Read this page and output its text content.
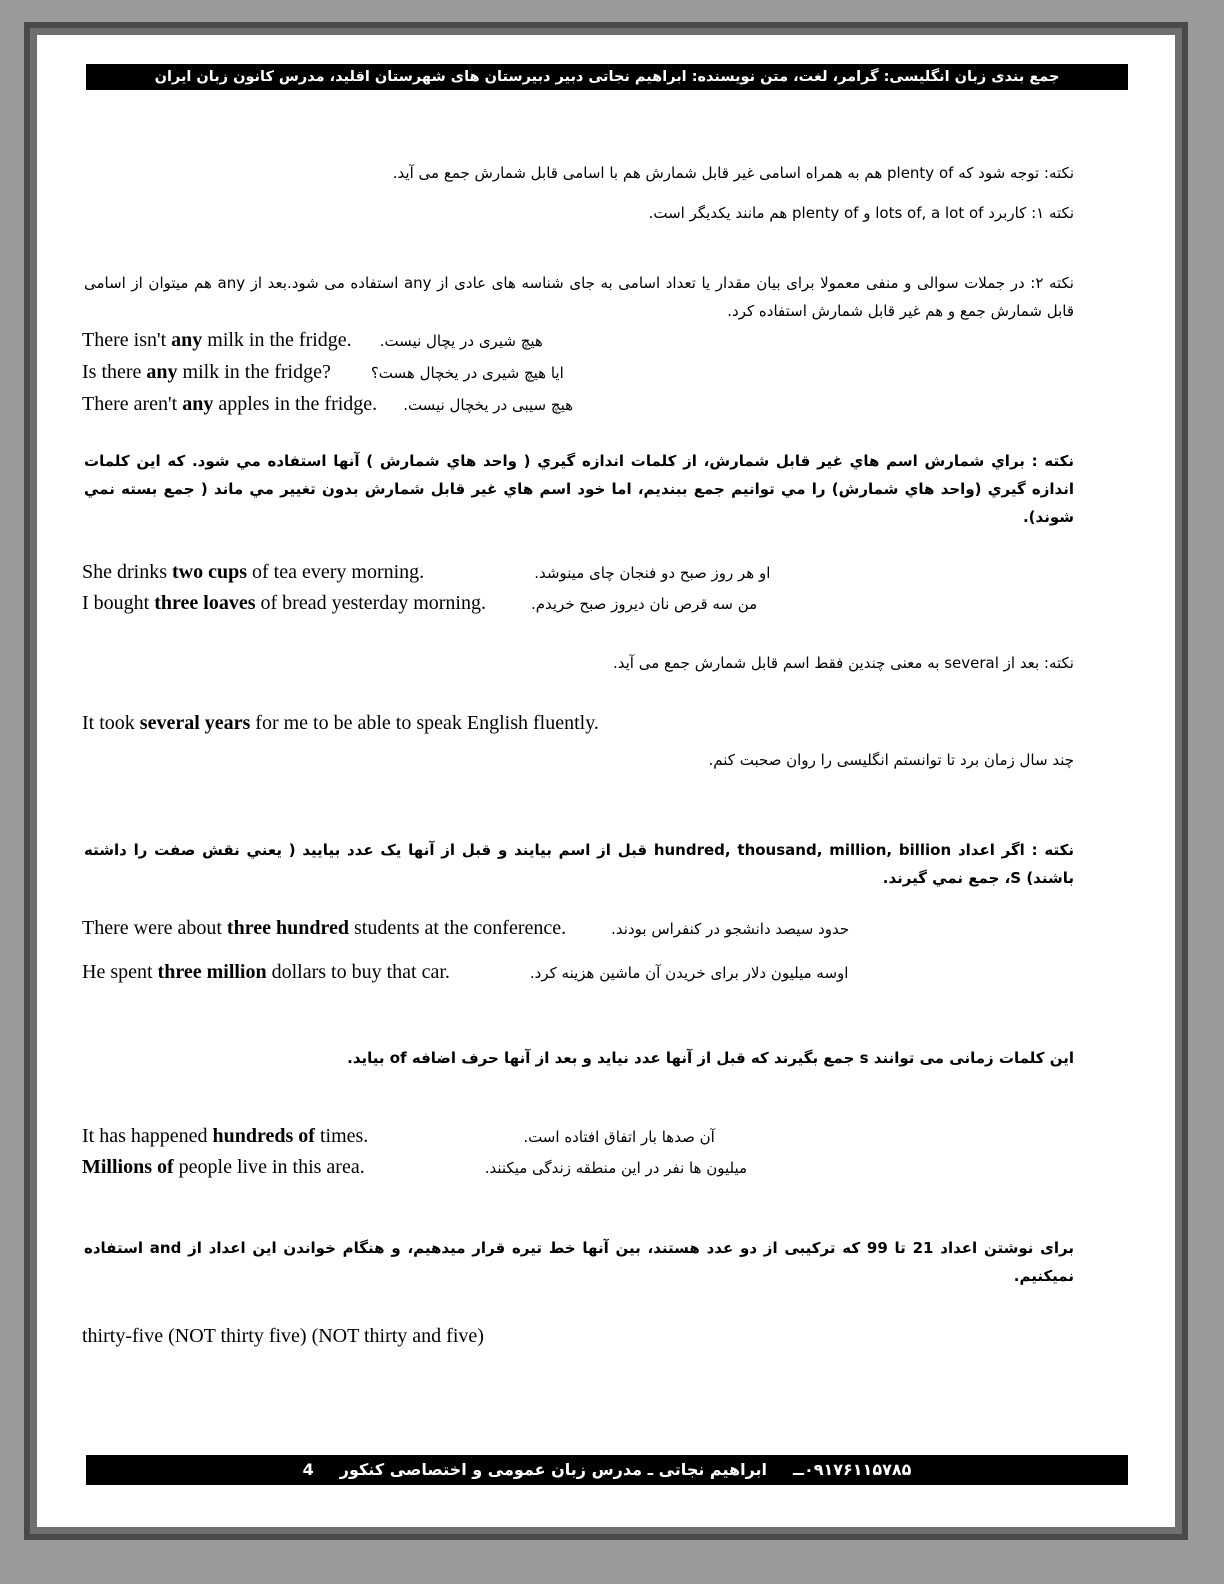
جمع بندی زبان انگلیسی: گرامر، لغت، متن نویسنده: ابراهیم نجاتی دبیر دبیرستان های شهرستان اقلید، مدرس کانون زبان ایران
نکته: توجه شود که plenty of هم به همراه اسامی غیر قابل شمارش هم با اسامی قابل شمارش جمع می آید.
نکته ۱: کاربرد lots of, a lot of و plenty of هم مانند یکدیگر است.
نکته ۲: در جملات سوالی و منفی معمولا برای بیان مقدار یا تعداد اسامی به جای شناسه های عادی از any استفاده می شود.بعد از any هم میتوان از اسامی قابل شمارش جمع و هم غیر قابل شمارش استفاده کرد.
There isn't any milk in the fridge. هیچ شیری در یچال نیست.
Is there any milk in the fridge?	ایا هیچ شیری در یخچال هست؟
There aren't any apples in the fridge. هیچ سیبی در یخچال نیست.
نکته : براي شمارش اسم هاي غير قابل شمارش، از كلمات اندازه گيري ( واحد هاي شمارش ) آنها استفاده مي شود. كه اين كلمات اندازه گيري (واحد هاي شمارش) را مي توانيم جمع ببنديم، اما خود اسم هاي غير قابل شمارش بدون تغيير مي ماند ( جمع بسته نمي شوند).
She drinks two cups of tea every morning.	او هر روز صبح دو فنجان چای مینوشد.
I bought three loaves of bread yesterday morning.	من سه قرص نان دیروز صبح خریدم.
نکته: بعد از several به معنی چندین فقط اسم قابل شمارش جمع می آید.
It took several years for me to be able to speak English fluently.
چند سال زمان برد تا توانستم انگلیسی را روان صحبت کنم.
نکته : اگر اعداد hundred, thousand, million, billion قبل از اسم بيايند و قبل از آنها يک عدد بياييد ( يعني نقش صفت را داشته باشند) S، جمع نمي گيرند.
There were about three hundred students at the conference.	حدود سیصد دانشجو در کنفراس بودند.
He spent three million dollars to buy that car.	اوسه میلیون دلار برای خریدن آن ماشین هزینه کرد.
این کلمات زمانی می توانند s جمع بگیرند که قبل از آنها عدد نیاید و بعد از آنها حرف اضافه of بیاید.
It has happened hundreds of times.	آن صدها بار اتفاق افتاده است.
Millions of people live in this area.	میلیون ها نفر در این منطقه زندگی میکنند.
برای نوشتن اعداد 21 تا 99 که ترکیبی از دو عدد هستند، بین آنها خط تیره قرار میدهیم، و هنگام خواندن این اعداد از and استفاده نمیکنیم.
thirty-five (NOT thirty five) (NOT thirty and five)
۰۹۱۷۶۱۱۵۷۸۵ــ
ابراهیم نجاتی ـ مدرس زبان عمومی و اختصاصی کنکور
4
